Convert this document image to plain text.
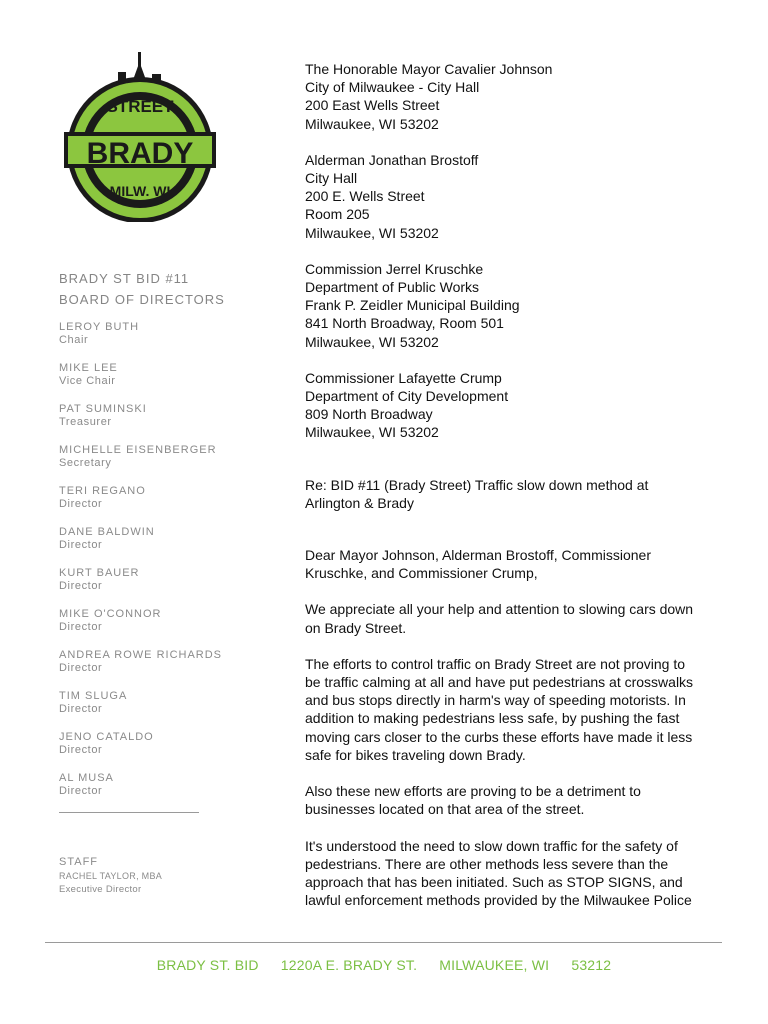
STREET
BRADY
MILW. WI
BRADY ST BID #11
BOARD OF DIRECTORS
LEROY BUTH
Chair
MIKE LEE
Vice Chair
PAT SUMINSKI
Treasurer
MICHELLE EISENBERGER
Secretary
TERI REGANO
Director
DANE BALDWIN
Director
KURT BAUER
Director
MIKE O'CONNOR
Director
ANDREA ROWE RICHARDS
Director
TIM SLUGA
Director
JENO CATALDO
Director
AL MUSA
Director
STAFF
RACHEL TAYLOR, MBA
Executive Director
The Honorable Mayor Cavalier Johnson
City of Milwaukee - City Hall
200 East Wells Street
Milwaukee, WI 53202
Alderman Jonathan Brostoff
City Hall
200 E. Wells Street
Room 205
Milwaukee, WI 53202
Commission Jerrel Kruschke
Department of Public Works
Frank P. Zeidler Municipal Building
841 North Broadway, Room 501
Milwaukee, WI 53202
Commissioner Lafayette Crump
Department of City Development
809 North Broadway
Milwaukee, WI 53202
Re: BID #11 (Brady Street) Traffic slow down method at
Arlington & Brady
Dear Mayor Johnson, Alderman Brostoff, Commissioner
Kruschke, and Commissioner Crump,
We appreciate all your help and attention to slowing cars down
on Brady Street.
The efforts to control traffic on Brady Street are not proving to
be traffic calming at all and have put pedestrians at crosswalks
and bus stops directly in harm's way of speeding motorists. In
addition to making pedestrians less safe, by pushing the fast
moving cars closer to the curbs these efforts have made it less
safe for bikes traveling down Brady.
Also these new efforts are proving to be a detriment to
businesses located on that area of the street.
It's understood the need to slow down traffic for the safety of
pedestrians. There are other methods less severe than the
approach that has been initiated. Such as STOP SIGNS, and
lawful enforcement methods provided by the Milwaukee Police
BRADY ST. BID 1220A E. BRADY ST. MILWAUKEE, WI 53212
